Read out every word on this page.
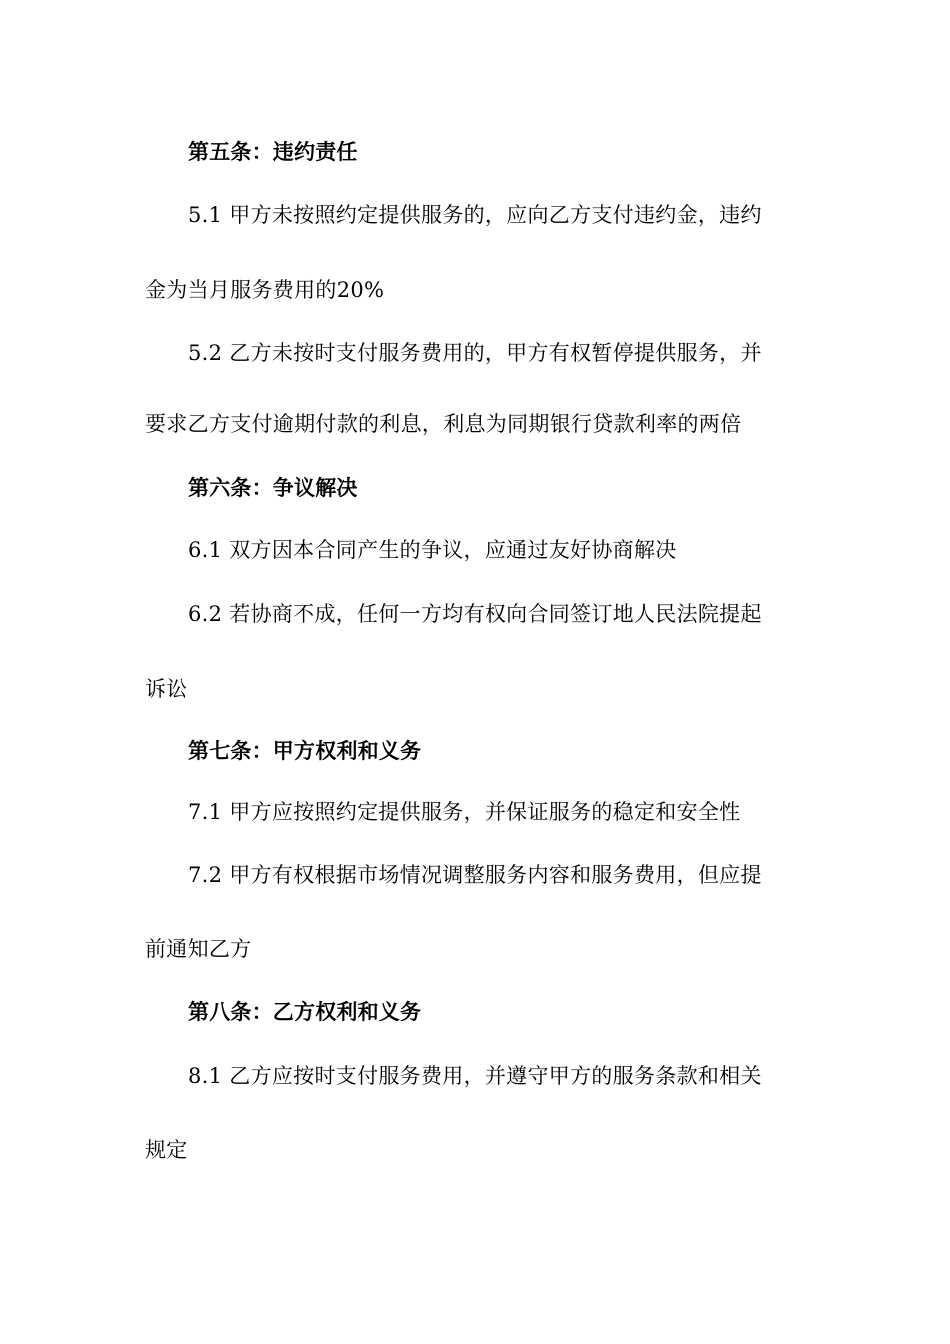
第五条：违约责任
5.1 甲方未按照约定提供服务的，应向乙方支付违约金，违约
金为当月服务费用的20%
5.2 乙方未按时支付服务费用的，甲方有权暂停提供服务，并
要求乙方支付逾期付款的利息，利息为同期银行贷款利率的两倍
第六条：争议解决
6.1 双方因本合同产生的争议，应通过友好协商解决
6.2 若协商不成，任何一方均有权向合同签订地人民法院提起
诉讼
第七条：甲方权利和义务
7.1 甲方应按照约定提供服务，并保证服务的稳定和安全性
7.2 甲方有权根据市场情况调整服务内容和服务费用，但应提
前通知乙方
第八条：乙方权利和义务
8.1 乙方应按时支付服务费用，并遵守甲方的服务条款和相关
规定
